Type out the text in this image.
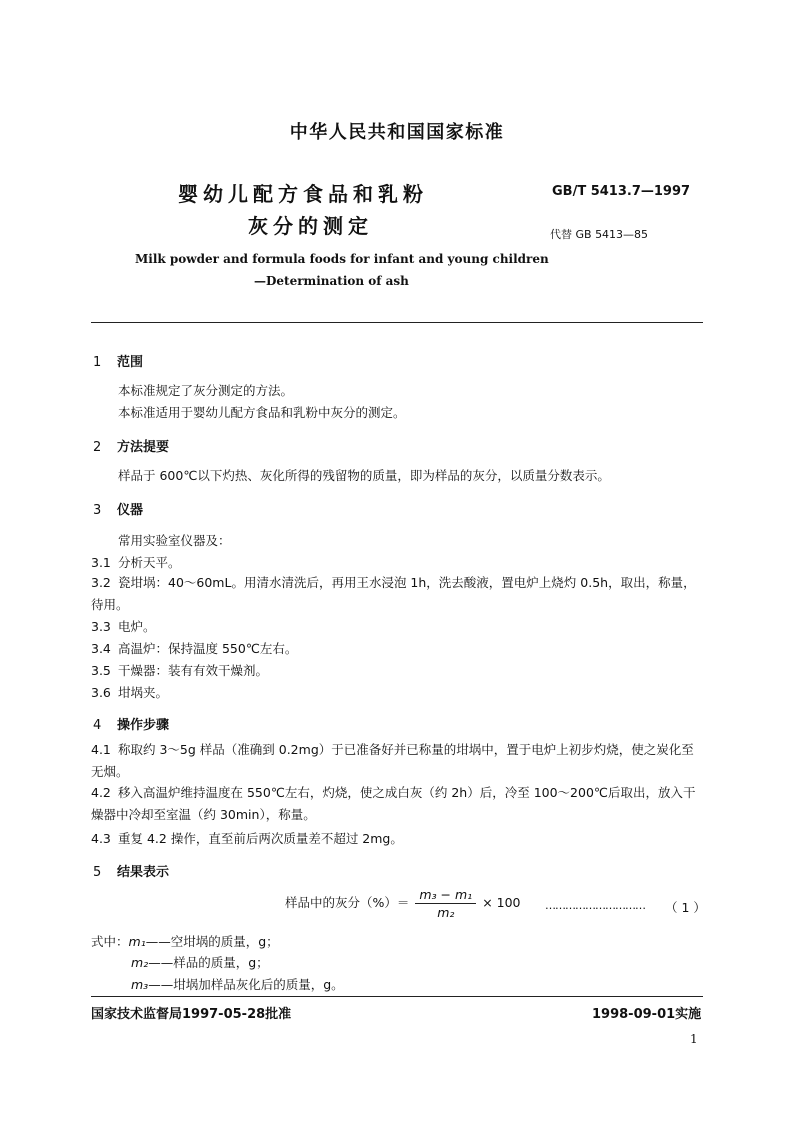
中华人民共和国国家标准
婴幼儿配方食品和乳粉
灰分的测定
GB/T 5413.7—1997
代替 GB 5413—85
Milk powder and formula foods for infant and young children
—Determination of ash
1 范围
本标准规定了灰分测定的方法。
本标准适用于婴幼儿配方食品和乳粉中灰分的测定。
2 方法提要
样品于 600℃以下灼热、灰化所得的残留物的质量，即为样品的灰分，以质量分数表示。
3 仪器
常用实验室仪器及：
3.1 分析天平。
3.2 瓷坩埚：40～60mL。用清水清洗后，再用王水浸泡 1h，洗去酸液，置电炉上烧灼 0.5h，取出，称量，待用。
3.3 电炉。
3.4 高温炉：保持温度 550℃左右。
3.5 干燥器：装有有效干燥剂。
3.6 坩埚夹。
4 操作步骤
4.1 称取约 3～5g 样品（准确到 0.2mg）于已准备好并已称量的坩埚中，置于电炉上初步灼烧，使之炭化至无烟。
4.2 移入高温炉维持温度在 550℃左右，灼烧，使之成白灰（约 2h）后，冷至 100～200℃后取出，放入干燥器中冷却至室温（约 30min），称量。
4.3 重复 4.2 操作，直至前后两次质量差不超过 2mg。
5 结果表示
样品中的灰分（%）＝ $\frac{\text{m₃ − m₁}}{\text{m₂}} \times 100$ ………………………… （ 1 ）
式中：m₁——空坩埚的质量，g；
m₂——样品的质量，g；
m₃——坩埚加样品灰化后的质量，g。
国家技术监督局1997-05-28批准	1998-09-01实施
1
